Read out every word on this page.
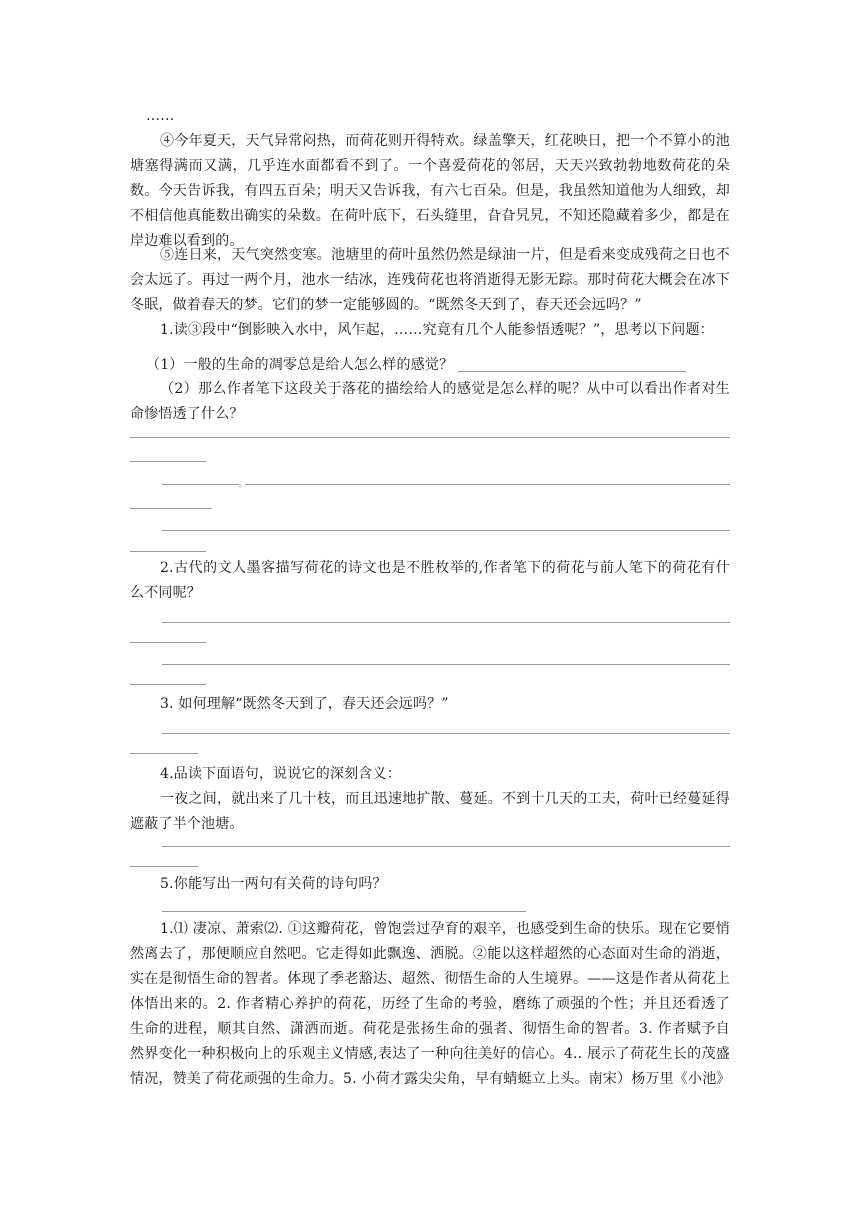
……

④今年夏天，天气异常闷热，而荷花则开得特欢。绿盖擎天，红花映日，把一个不算小的池塘塞得满而又满，几乎连水面都看不到了。一个喜爱荷花的邻居，天天兴致勃勃地数荷花的朵数。今天告诉我，有四五百朵；明天又告诉我，有六七百朵。但是，我虽然知道他为人细致，却不相信他真能数出确实的朵数。在荷叶底下，石头缝里，旮旮旯旯，不知还隐藏着多少，都是在岸边难以看到的。

⑤连日来，天气突然变寒。池塘里的荷叶虽然仍然是绿油一片，但是看来变成残荷之日也不会太远了。再过一两个月，池水一结冰，连残荷花也将消逝得无影无踪。那时荷花大概会在冰下冬眠，做着春天的梦。它们的梦一定能够圆的。“既然冬天到了，春天还会远吗？”

1.读③段中“倒影映入水中，风乍起，……究竟有几个人能参悟透呢？”，思考以下问题：

（1）一般的生命的凋零总是给人怎么样的感觉？

（2）那么作者笔下这段关于落花的描绘给人的感觉是怎么样的呢？从中可以看出作者对生命惨悟透了什么？

。

2.古代的文人墨客描写荷花的诗文也是不胜枚举的,作者笔下的荷花与前人笔下的荷花有什么不同呢？

3. 如何理解“既然冬天到了，春天还会远吗？”

4.品读下面语句，说说它的深刻含义：

一夜之间，就出来了几十枝，而且迅速地扩散、蔓延。不到十几天的工夫，荷叶已经蔓延得遮蔽了半个池塘。

5.你能写出一两句有关荷的诗句吗？

1.⑴ 凄凉、萧索⑵. ①这瓣荷花，曾饱尝过孕育的艰辛，也感受到生命的快乐。现在它要悄然离去了，那便顺应自然吧。它走得如此飘逸、洒脱。②能以这样超然的心态面对生命的消逝，实在是彻悟生命的智者。体现了季老豁达、超然、彻悟生命的人生境界。——这是作者从荷花上体悟出来的。2. 作者精心养护的荷花，历经了生命的考验，磨练了顽强的个性；并且还看透了生命的进程，顺其自然、潇洒而逝。荷花是张扬生命的强者、彻悟生命的智者。3. 作者赋予自然界变化一种积极向上的乐观主义情感,表达了一种向往美好的信心。4.. 展示了荷花生长的茂盛情况，赞美了荷花顽强的生命力。5. 小荷才露尖尖角，早有蜻蜓立上头。南宋）杨万里《小池》
